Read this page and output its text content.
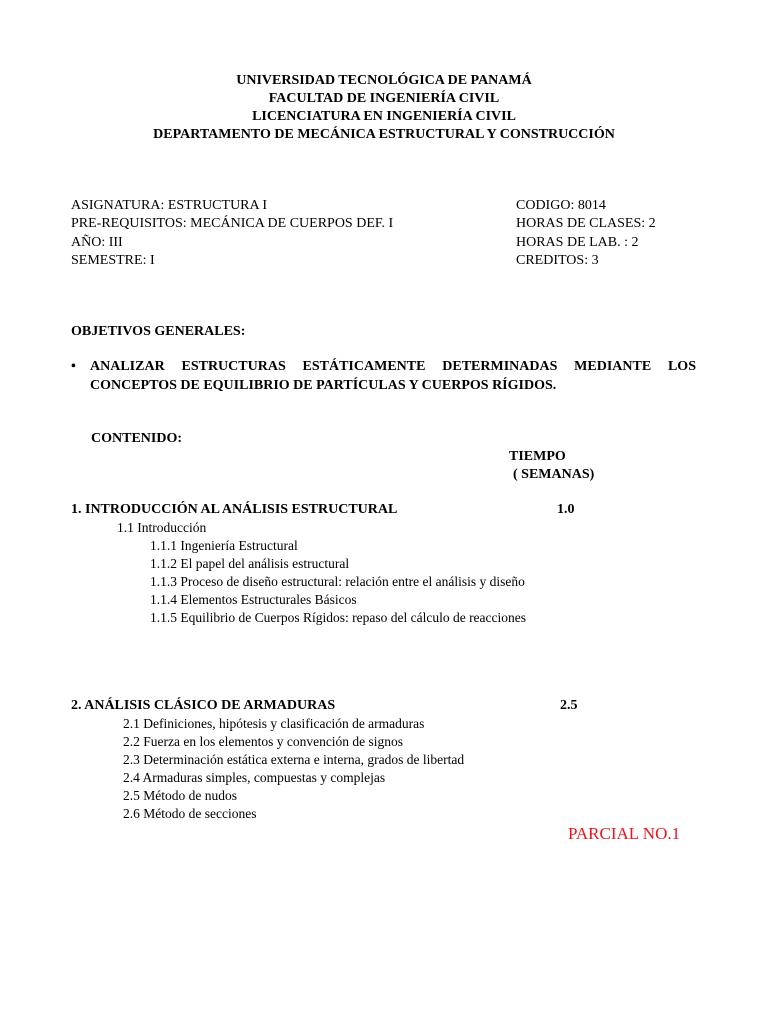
UNIVERSIDAD TECNOLÓGICA DE PANAMÁ
FACULTAD DE INGENIERÍA CIVIL
LICENCIATURA EN INGENIERÍA CIVIL
DEPARTAMENTO DE MECÁNICA ESTRUCTURAL Y CONSTRUCCIÓN
ASIGNATURA: ESTRUCTURA I
PRE-REQUISITOS: MECÁNICA DE CUERPOS DEF. I
AÑO: III
SEMESTRE: I
CODIGO: 8014
HORAS DE CLASES: 2
HORAS DE LAB. : 2
CREDITOS: 3
OBJETIVOS GENERALES:
• ANALIZAR ESTRUCTURAS ESTÁTICAMENTE DETERMINADAS MEDIANTE LOS
CONCEPTOS DE EQUILIBRIO DE PARTÍCULAS Y CUERPOS RÍGIDOS.
CONTENIDO:
TIEMPO
( SEMANAS)
1. INTRODUCCIÓN AL ANÁLISIS ESTRUCTURAL	1.0
1.1 Introducción
1.1.1 Ingeniería Estructural
1.1.2 El papel del análisis estructural
1.1.3 Proceso de diseño estructural: relación entre el análisis y diseño
1.1.4 Elementos Estructurales Básicos
1.1.5 Equilibrio de Cuerpos Rígidos: repaso del cálculo de reacciones
2. ANÁLISIS CLÁSICO DE ARMADURAS	2.5
2.1 Definiciones, hipótesis y clasificación de armaduras
2.2 Fuerza en los elementos y convención de signos
2.3 Determinación estática externa e interna, grados de libertad
2.4 Armaduras simples, compuestas y complejas
2.5 Método de nudos
2.6 Método de secciones
PARCIAL NO.1
